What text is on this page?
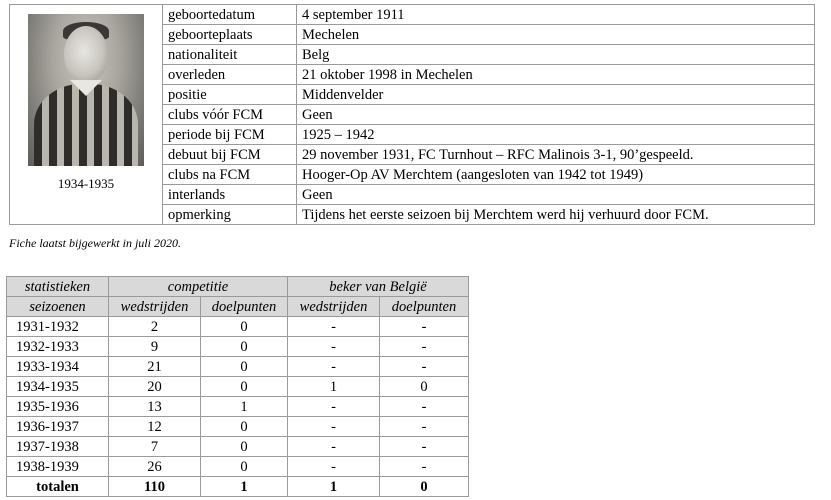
1934-1935	geboortedatum	4 september 1911
	geboorteplaats	Mechelen
	nationaliteit	Belg
	overleden	21 oktober 1998 in Mechelen
	positie	Middenvelder
	clubs vóór FCM	Geen
	periode bij FCM	1925 – 1942
	debuut bij FCM	29 november 1931, FC Turnhout – RFC Malinois 3-1, 90’gespeeld.
	clubs na FCM	Hooger-Op AV Merchtem (aangesloten van 1942 tot 1949)
	interlands	Geen
	opmerking	Tijdens het eerste seizoen bij Merchtem werd hij verhuurd door FCM.
Fiche laatst bijgewerkt in juli 2020.
statistieken	competitie		beker van België	
seizoenen	wedstrijden	doelpunten	wedstrijden	doelpunten
1931-1932	2	0	-	-
1932-1933	9	0	-	-
1933-1934	21	0	-	-
1934-1935	20	0	1	0
1935-1936	13	1	-	-
1936-1937	12	0	-	-
1937-1938	7	0	-	-
1938-1939	26	0	-	-
totalen	110	1	1	0
